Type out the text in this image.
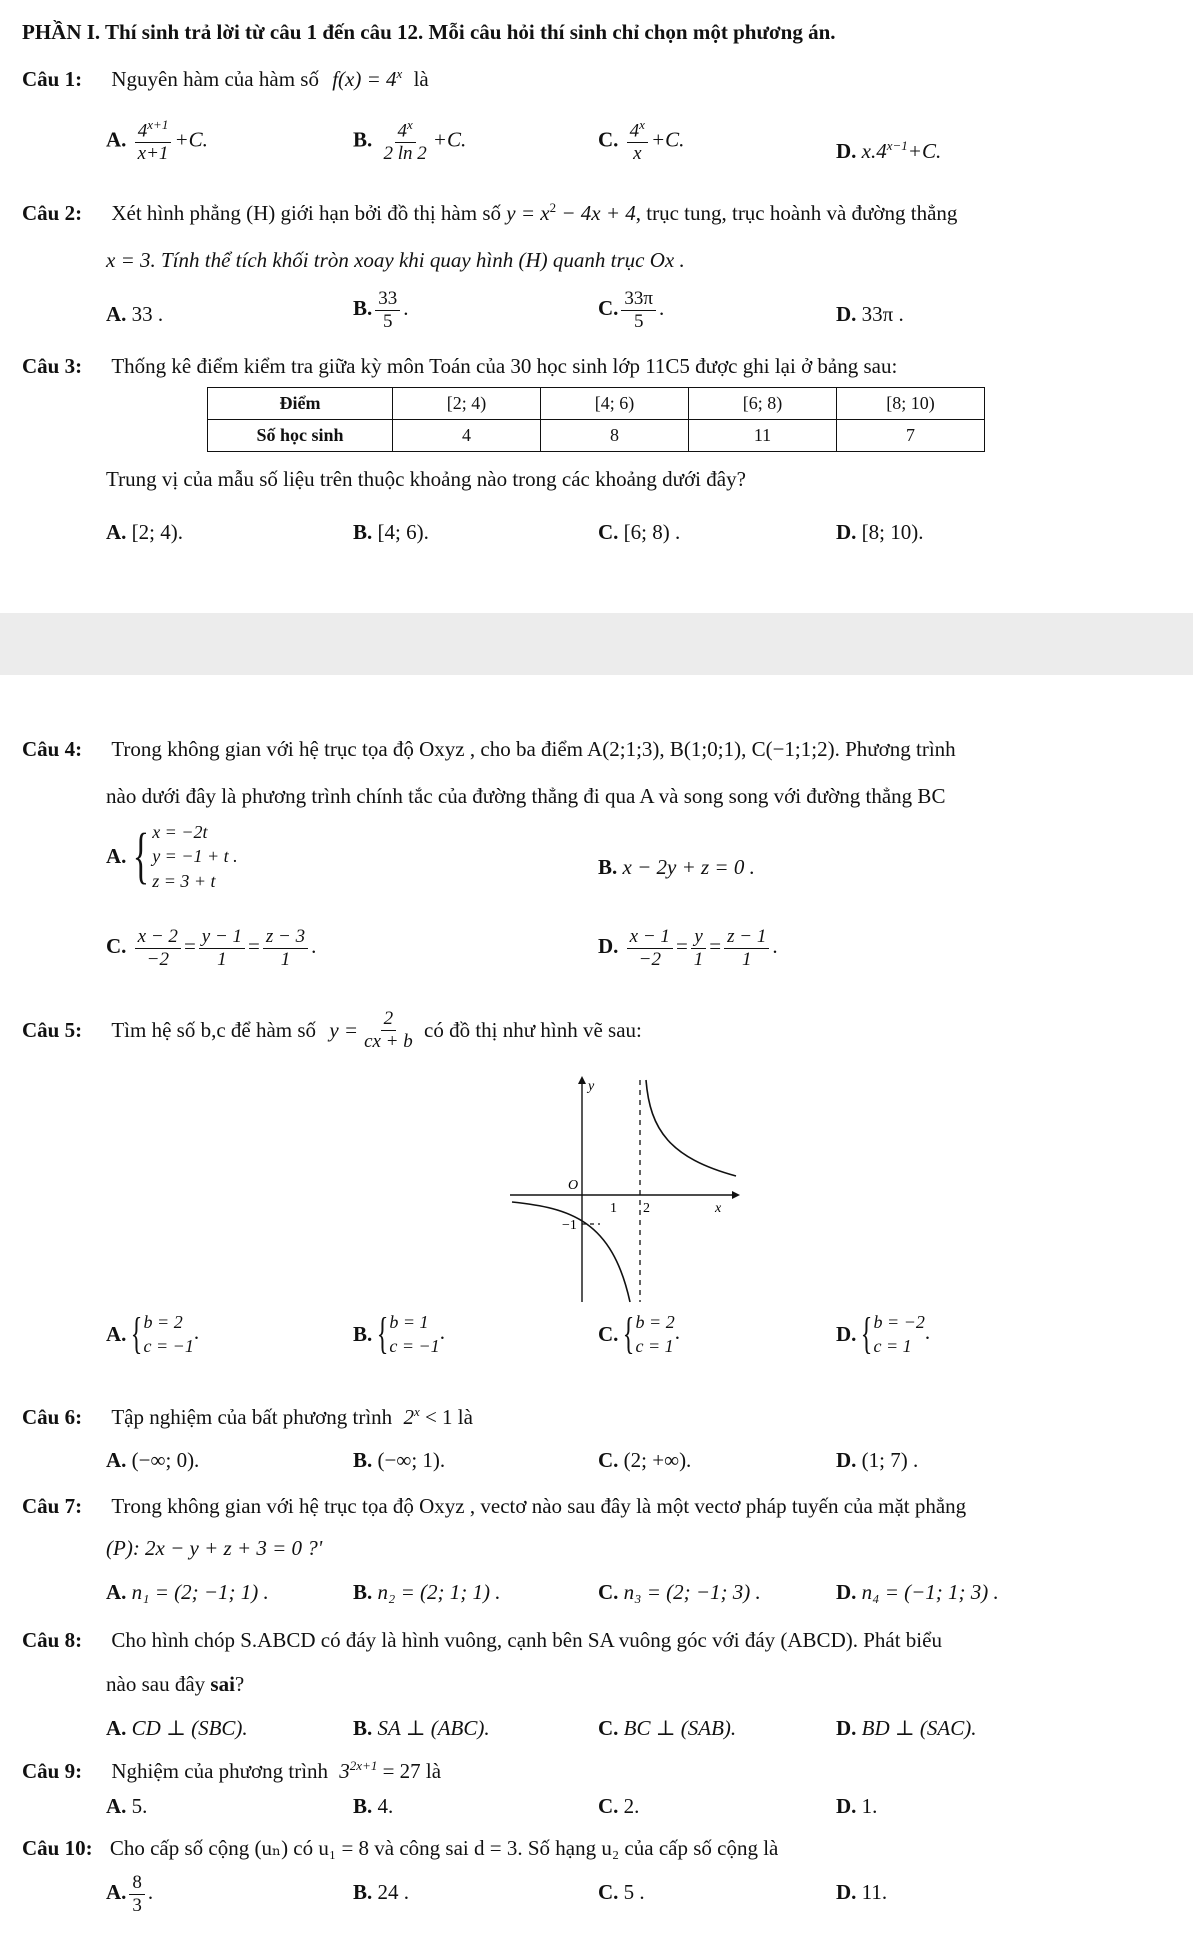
PHẦN I. Thí sinh trả lời từ câu 1 đến câu 12. Mỗi câu hỏi thí sinh chỉ chọn một phương án.
Câu 1: Nguyên hàm của hàm số $f(x) = 4^x$ là
A. $\frac{4^{x+1}}{x+1} +C$.	B. $\frac{4^x}{2 \ln 2} +C$.	C. $\frac{4^x}{x} +C$.	D. $x.4^{x-1}+C$.
Câu 2: Xét hình phẳng (H) giới hạn bởi đồ thị hàm số $y = x^2 - 4x + 4$, trục tung, trục hoành và đường thẳng
x = 3. Tính thể tích khối tròn xoay khi quay hình (H) quanh trục Ox .
A. 33 .	B. $\frac{33}{5}$ .	C. $\frac{33\pi}{5}$ .	D. 33π .
Câu 3: Thống kê điểm kiểm tra giữa kỳ môn Toán của 30 học sinh lớp 11C5 được ghi lại ở bảng sau:
Điểm	[2; 4)	[4; 6)	[6; 8)	[8; 10)
Số học sinh	4	8	11	7
Trung vị của mẫu số liệu trên thuộc khoảng nào trong các khoảng dưới đây?
A. [2; 4).	B. [4; 6).	C. [6; 8) .	D. [8; 10).
Câu 4: Trong không gian với hệ trục tọa độ Oxyz , cho ba điểm A(2;1;3), B(1;0;1), C(−1;1;2). Phương trình
nào dưới đây là phương trình chính tắc của đường thẳng đi qua A và song song với đường thẳng BC
A. { x = −2t
y = −1 + t .
z = 3 + t
B. x − 2y + z = 0 .
C. $\frac{x - 2}{-2} = \frac{y - 1}{1} = \frac{z - 3}{1}$ .	D. $\frac{x - 1}{-2} = \frac{y}{1} = \frac{z - 1}{1}$ .
Câu 5: Tìm hệ số b,c để hàm số $y = \frac{2}{cx + b}$ có đồ thị như hình vẽ sau:
y
O
1 2	x
−1
A. { b = 2
c = −1
.	B. { b = 1
c = −1
.	C. { b = 2
c = 1
.	D. { b = −2
c = 1
.
Câu 6: Tập nghiệm của bất phương trình $2^x < 1$ là
A. (−∞; 0).	B. (−∞; 1).	C. (2; +∞).	D. (1; 7) .
Câu 7: Trong không gian với hệ trục tọa độ Oxyz , vectơ nào sau đây là một vectơ pháp tuyến của mặt phẳng
(P): 2x − y + z + 3 = 0 ?'
A. n₁ = (2; −1; 1) .	B. n₂ = (2; 1; 1) .	C. n₃ = (2; −1; 3) .	D. n₄ = (−1; 1; 3) .
Câu 8: Cho hình chóp S.ABCD có đáy là hình vuông, cạnh bên SA vuông góc với đáy (ABCD). Phát biểu
nào sau đây sai?
A. CD ⊥ (SBC).	B. SA ⊥ (ABC).	C. BC ⊥ (SAB).	D. BD ⊥ (SAC).
Câu 9: Nghiệm của phương trình $3^{2x+1} = 27$ là
A. 5.	B. 4.	C. 2.	D. 1.
Câu 10: Cho cấp số cộng (uₙ) có u₁ = 8 và công sai d = 3. Số hạng u₂ của cấp số cộng là
A. $\frac{8}{3}$ .	B. 24 .	C. 5 .	D. 11.
